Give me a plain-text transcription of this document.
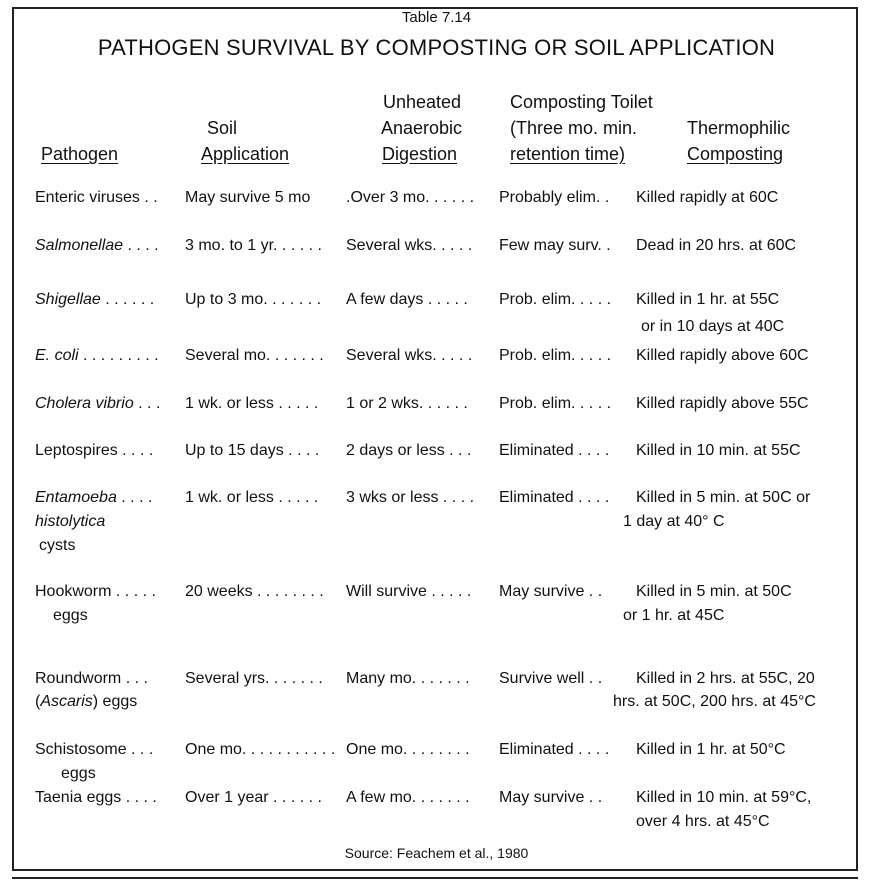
Table 7.14
PATHOGEN SURVIVAL BY COMPOSTING OR SOIL APPLICATION
Pathogen
Soil
Application
Unheated
Anaerobic
Digestion
Composting Toilet
(Three mo. min.
retention time)
Thermophilic
Composting
Enteric viruses . . May survive 5 mo .Over 3 mo. . . . . . Probably elim. . Killed rapidly at 60C
Salmonellae . . . . 3 mo. to 1 yr. . . . . . Several wks. . . . . Few may surv. . Dead in 20 hrs. at 60C
Shigellae . . . . . . Up to 3 mo. . . . . . . A few days . . . . . Prob. elim. . . . . Killed in 1 hr. at 55C
or in 10 days at 40C
E. coli . . . . . . . . . Several mo. . . . . . . Several wks. . . . . Prob. elim. . . . . Killed rapidly above 60C
Cholera vibrio . . . 1 wk. or less . . . . . 1 or 2 wks. . . . . . Prob. elim. . . . . Killed rapidly above 55C
Leptospires . . . . Up to 15 days . . . . 2 days or less . . . Eliminated . . . . Killed in 10 min. at 55C
Entamoeba . . . .
histolytica
cysts
1 wk. or less . . . . . 3 wks or less . . . . Eliminated . . . . Killed in 5 min. at 50C or
1 day at 40° C
Hookworm . . . . .
eggs
20 weeks . . . . . . . . Will survive . . . . . May survive . . Killed in 5 min. at 50C
or 1 hr. at 45C
Roundworm . . .
(Ascaris) eggs
Several yrs. . . . . . . Many mo. . . . . . . Survive well . . Killed in 2 hrs. at 55C, 20
hrs. at 50C, 200 hrs. at 45°C
Schistosome . . .
eggs
One mo. . . . . . . . . . . One mo. . . . . . . . Eliminated . . . . Killed in 1 hr. at 50°C
Taenia eggs . . . . Over 1 year . . . . . . A few mo. . . . . . . May survive . . Killed in 10 min. at 59°C,
over 4 hrs. at 45°C
Source: Feachem et al., 1980
